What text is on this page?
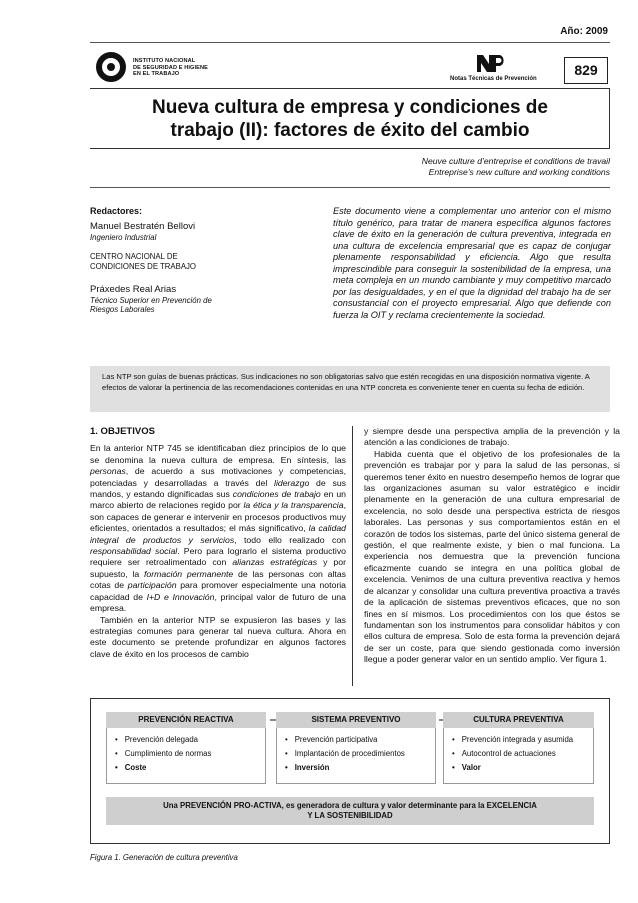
Año: 2009
INSTITUTO NACIONAL
DE SEGURIDAD E HIGIENE
EN EL TRABAJO
Notas Técnicas de Prevención
829
Nueva cultura de empresa y condiciones de
trabajo (II): factores de éxito del cambio
Neuve culture d’entreprise et conditions de travail
Entreprise’s new culture and working conditions
Redactores:
Manuel Bestratén Bellovi
Ingeniero Industrial
CENTRO NACIONAL DE
CONDICIONES DE TRABAJO
Práxedes Real Arias
Técnico Superior en Prevención de
Riesgos Laborales
Este documento viene a complementar uno anterior con el mismo título genérico, para tratar de manera específica algunos factores clave de éxito en la generación de cultura preventiva, integrada en una cultura de excelencia empresarial que es capaz de conjugar plenamente responsabilidad y eficiencia. Algo que resulta imprescindible para conseguir la sostenibilidad de la empresa, una meta compleja en un mundo cambiante y muy competitivo marcado por las desigualdades, y en el que la dignidad del trabajo ha de ser consustancial con el proyecto empresarial. Algo que defiende con fuerza la OIT y reclama crecientemente la sociedad.
Las NTP son guías de buenas prácticas. Sus indicaciones no son obligatorias salvo que estén recogidas en una disposición normativa vigente. A efectos de valorar la pertinencia de las recomendaciones contenidas en una NTP concreta es conveniente tener en cuenta su fecha de edición.
1. OBJETIVOS
En la anterior NTP 745 se identificaban diez principios de lo que se denomina la nueva cultura de empresa. En síntesis, las personas, de acuerdo a sus motivaciones y competencias, potenciadas y desarrolladas a través del liderazgo de sus mandos, y estando dignificadas sus condiciones de trabajo en un marco abierto de relaciones regido por la ética y la transparencia, son capaces de generar e intervenir en procesos productivos muy eficientes, orientados a resultados; el más significativo, la calidad integral de productos y servicios, todo ello realizado con responsabilidad social. Pero para lograrlo el sistema productivo requiere ser retroalimentado con alianzas estratégicas y por supuesto, la formación permanente de las personas con altas cotas de participación para promover especialmente una notoria capacidad de I+D e Innovación, principal valor de futuro de una empresa.
También en la anterior NTP se expusieron las bases y las estrategias comunes para generar tal nueva cultura. Ahora en este documento se pretende profundizar en algunos factores clave de éxito en los procesos de cambio
y siempre desde una perspectiva amplia de la prevención y la atención a las condiciones de trabajo.
Habida cuenta que el objetivo de los profesionales de la prevención es trabajar por y para la salud de las personas, si queremos tener éxito en nuestro desempeño hemos de lograr que las organizaciones asuman su valor estratégico e incidir plenamente en la generación de una cultura empresarial de excelencia, no solo desde una perspectiva estricta de riesgos laborales. Las personas y sus comportamientos están en el corazón de todos los sistemas, parte del único sistema general de gestión, el que realmente existe, y bien o mal funciona. La experiencia nos demuestra que la prevención funciona eficazmente cuando se integra en una política global de excelencia. Venimos de una cultura preventiva reactiva y hemos de alcanzar y consolidar una cultura preventiva proactiva a través de la aplicación de sistemas preventivos eficaces, que no son fines en sí mismos. Los procedimientos con los que éstos se fundamentan son los instrumentos para consolidar hábitos y con ellos cultura de empresa. Solo de esta forma la prevención dejará de ser un coste, para que siendo gestionada como inversión llegue a poder generar valor en un sentido amplio. Ver figura 1.
PREVENCIÓN REACTIVA
• Prevención delegada
• Cumplimiento de normas
• Coste
SISTEMA PREVENTIVO
• Prevención participativa
• Implantación de procedimientos
• Inversión
CULTURA PREVENTIVA
• Prevención integrada y asumida
• Autocontrol de actuaciones
• Valor
Una PREVENCIÓN PRO-ACTIVA, es generadora de cultura y valor determinante para la EXCELENCIA
Y LA SOSTENIBILIDAD
Figura 1. Generación de cultura preventiva
